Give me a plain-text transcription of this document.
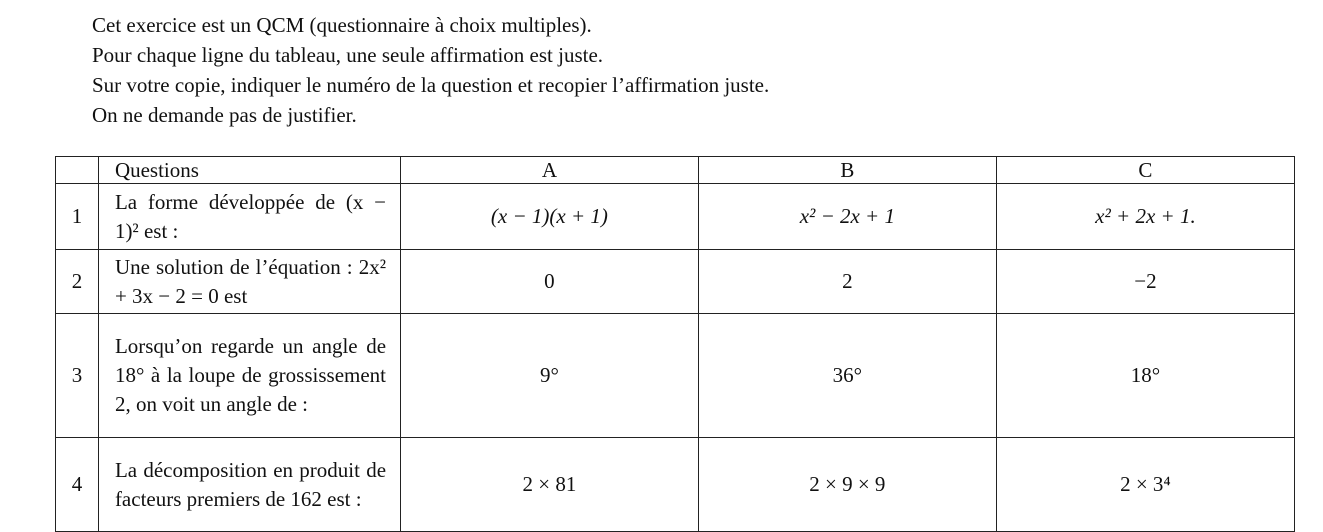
Cet exercice est un QCM (questionnaire à choix multiples).

Pour chaque ligne du tableau, une seule affirmation est juste.

Sur votre copie, indiquer le numéro de la question et recopier l’affirmation juste.

On ne demande pas de justifier.

	Questions	A	B	C
1	La forme développée de (x − 1)² est :	(x − 1)(x + 1)	x² − 2x + 1	x² + 2x + 1.
2	Une solution de l’équation : 2x² + 3x − 2 = 0 est	0	2	−2
3	Lorsqu’on regarde un angle de 18° à la loupe de grossissement 2, on voit un angle de :	9°	36°	18°
4	La décomposition en produit de facteurs premiers de 162 est :	2 × 81	2 × 9 × 9	2 × 3⁴
